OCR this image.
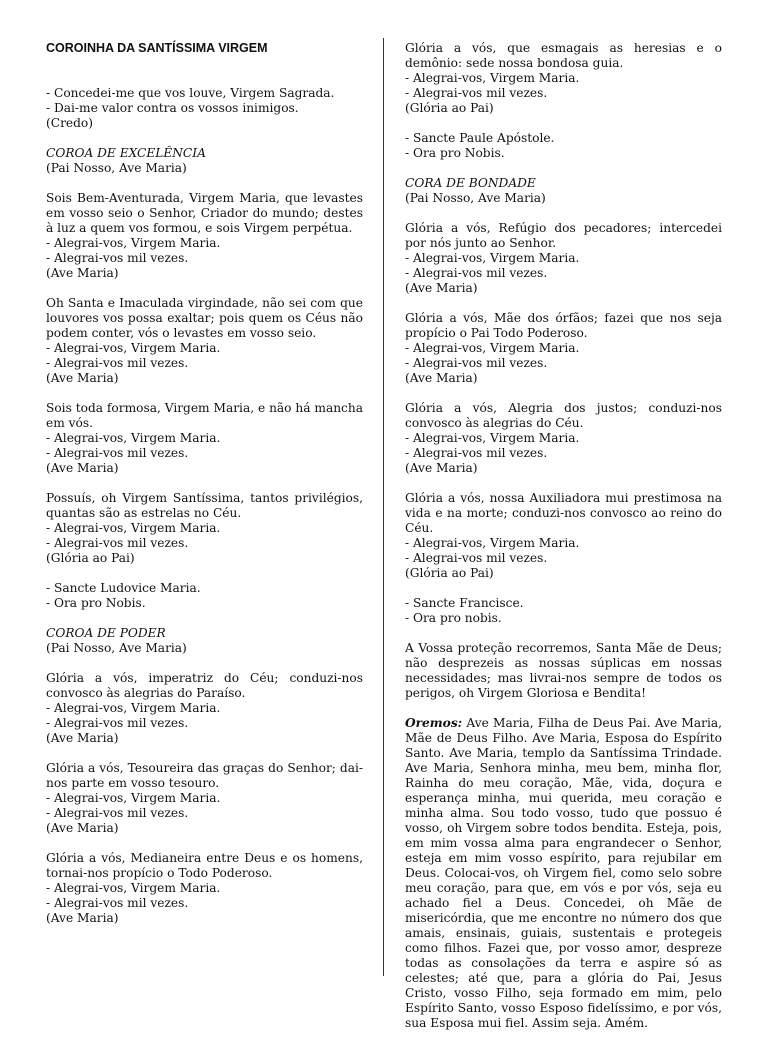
COROINHA DA SANTÍSSIMA VIRGEM

- Concedei-me que vos louve, Virgem Sagrada.
- Dai-me valor contra os vossos inimigos.
(Credo)

COROA DE EXCELÊNCIA

(Pai Nosso, Ave Maria)

Sois Bem-Aventurada, Virgem Maria, que levastes em vosso seio o Senhor, Criador do mundo; destes à luz a quem vos formou, e sois Virgem perpétua.

- Alegrai-vos, Virgem Maria.
- Alegrai-vos mil vezes.
(Ave Maria)

Oh Santa e Imaculada virgindade, não sei com que louvores vos possa exaltar; pois quem os Céus não podem conter, vós o levastes em vosso seio.

- Alegrai-vos, Virgem Maria.
- Alegrai-vos mil vezes.
(Ave Maria)

Sois toda formosa, Virgem Maria, e não há mancha em vós.

- Alegrai-vos, Virgem Maria.
- Alegrai-vos mil vezes.
(Ave Maria)

Possuís, oh Virgem Santíssima, tantos privilégios, quantas são as estrelas no Céu.

- Alegrai-vos, Virgem Maria.
- Alegrai-vos mil vezes.
(Glória ao Pai)
- Sancte Ludovice Maria.
- Ora pro Nobis.

COROA DE PODER

(Pai Nosso, Ave Maria)

Glória a vós, imperatriz do Céu; conduzi-nos convosco às alegrias do Paraíso.

- Alegrai-vos, Virgem Maria.
- Alegrai-vos mil vezes.
(Ave Maria)

Glória a vós, Tesoureira das graças do Senhor; dai-nos parte em vosso tesouro.

- Alegrai-vos, Virgem Maria.
- Alegrai-vos mil vezes.
(Ave Maria)

Glória a vós, Medianeira entre Deus e os homens, tornai-nos propício o Todo Poderoso.

- Alegrai-vos, Virgem Maria.
- Alegrai-vos mil vezes.
(Ave Maria)

Glória a vós, que esmagais as heresias e o demônio: sede nossa bondosa guia.

- Alegrai-vos, Virgem Maria.
- Alegrai-vos mil vezes.
(Glória ao Pai)
- Sancte Paule Apóstole.
- Ora pro Nobis.

CORA DE BONDADE

(Pai Nosso, Ave Maria)

Glória a vós, Refúgio dos pecadores; intercedei por nós junto ao Senhor.

- Alegrai-vos, Virgem Maria.
- Alegrai-vos mil vezes.
(Ave Maria)

Glória a vós, Mãe dos órfãos; fazei que nos seja propício o Pai Todo Poderoso.

- Alegrai-vos, Virgem Maria.
- Alegrai-vos mil vezes.
(Ave Maria)

Glória a vós, Alegria dos justos; conduzi-nos convosco às alegrias do Céu.

- Alegrai-vos, Virgem Maria.
- Alegrai-vos mil vezes.
(Ave Maria)

Glória a vós, nossa Auxiliadora mui prestimosa na vida e na morte; conduzi-nos convosco ao reino do Céu.

- Alegrai-vos, Virgem Maria.
- Alegrai-vos mil vezes.
(Glória ao Pai)
- Sancte Francisce.
- Ora pro nobis.

A Vossa proteção recorremos, Santa Mãe de Deus; não desprezeis as nossas súplicas em nossas necessidades; mas livrai-nos sempre de todos os perigos, oh Virgem Gloriosa e Bendita!

Oremos: Ave Maria, Filha de Deus Pai. Ave Maria, Mãe de Deus Filho. Ave Maria, Esposa do Espírito Santo. Ave Maria, templo da Santíssima Trindade. Ave Maria, Senhora minha, meu bem, minha flor, Rainha do meu coração, Mãe, vida, doçura e esperança minha, mui querida, meu coração e minha alma. Sou todo vosso, tudo que possuo é vosso, oh Virgem sobre todos bendita. Esteja, pois, em mim vossa alma para engrandecer o Senhor, esteja em mim vosso espírito, para rejubilar em Deus. Colocai-vos, oh Virgem fiel, como selo sobre meu coração, para que, em vós e por vós, seja eu achado fiel a Deus. Concedei, oh Mãe de misericórdia, que me encontre no número dos que amais, ensinais, guiais, sustentais e protegeis como filhos. Fazei que, por vosso amor, despreze todas as consolações da terra e aspire só as celestes; até que, para a glória do Pai, Jesus Cristo, vosso Filho, seja formado em mim, pelo Espírito Santo, vosso Esposo fidelíssimo, e por vós, sua Esposa mui fiel. Assim seja. Amém.
